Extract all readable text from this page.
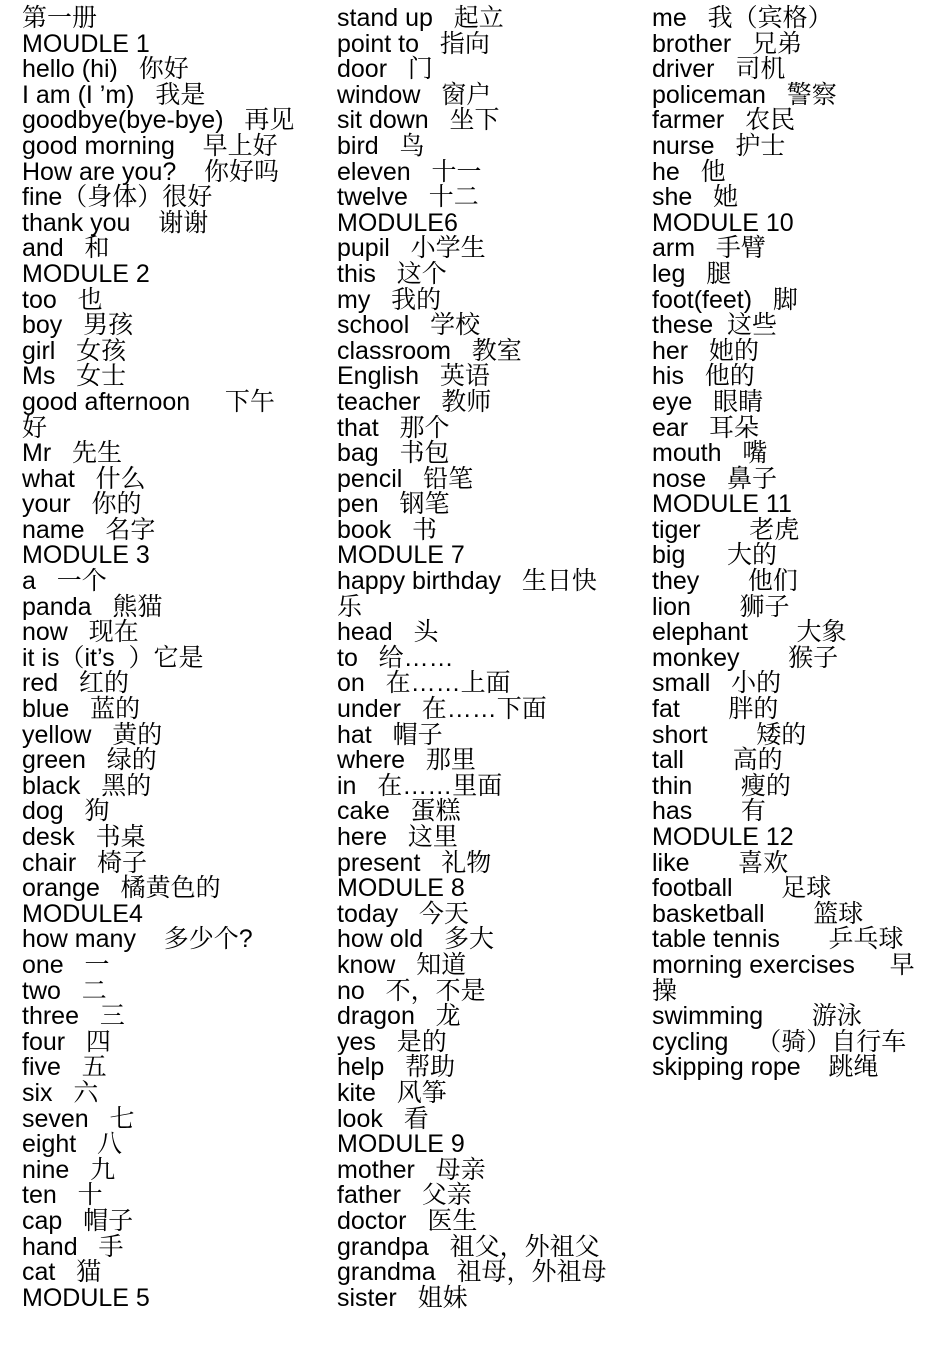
第一册
MOUDLE 1
hello (hi)   你好
I am (I ’m)   我是
goodbye(bye-bye)   再见
good morning    早上好
How are you?    你好吗
fine（身体）很好
thank you    谢谢
and   和
MODULE 2
too   也
boy   男孩
girl   女孩
Ms   女士
good afternoon     下午好
Mr   先生
what   什么
your   你的
name   名字
MODULE 3
a   一个
panda   熊猫
now   现在
it is（it’s  ）它是
red   红的
blue   蓝的
yellow   黄的
green   绿的
black   黑的
dog   狗
desk   书桌
chair   椅子
orange   橘黄色的
MODULE4
how many    多少个?
one   一
two   二
three   三
four   四
five   五
six   六
seven   七
eight   八
nine   九
ten   十
cap   帽子
hand   手
cat   猫
MODULE 5
stand up   起立
point to   指向
door   门
window   窗户
sit down   坐下
bird   鸟
eleven   十一
twelve   十二
MODULE6
pupil   小学生
this   这个
my   我的
school   学校
classroom   教室
English   英语
teacher   教师
that   那个
bag   书包
pencil   铅笔
pen   钢笔
book   书
MODULE 7
happy birthday   生日快乐
head   头
to   给……
on   在……上面
under   在……下面
hat   帽子
where   那里
in   在……里面
cake   蛋糕
here   这里
present   礼物
MODULE 8
today   今天
how old   多大
know   知道
no   不，不是
dragon   龙
yes   是的
help   帮助
kite   风筝
look   看
MODULE 9
mother   母亲
father   父亲
doctor   医生
grandpa   祖父，外祖父
grandma   祖母，外祖母
sister   姐妹
me   我（宾格）
brother   兄弟
driver   司机
policeman   警察
farmer   农民
nurse   护士
he   他
she   她
MODULE 10
arm   手臂
leg   腿
foot(feet)   脚
these  这些
her   她的
his   他的
eye   眼睛
ear   耳朵
mouth   嘴
nose   鼻子
MODULE 11
tiger       老虎
big      大的
they       他们
lion       狮子
elephant       大象
monkey       猴子
small   小的
fat       胖的
short       矮的
tall       高的
thin       瘦的
has       有
MODULE 12
like       喜欢
football       足球
basketball       篮球
table tennis       乒乓球
morning exercises     早操
swimming       游泳
cycling    （骑）自行车
skipping rope    跳绳
